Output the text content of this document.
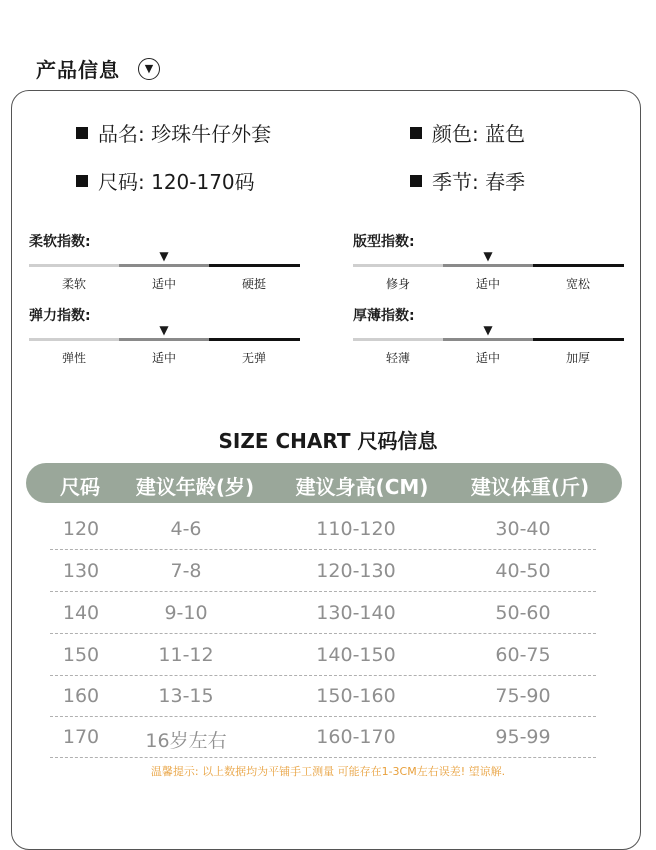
产品信息	▼
品名: 珍珠牛仔外套	颜色: 蓝色
尺码: 120-170码	季节: 春季
柔软指数:
▼
柔软	适中	硬挺
版型指数:
▼
修身	适中	宽松
弹力指数:
▼
弹性	适中	无弹
厚薄指数:
▼
轻薄	适中	加厚
SIZE CHART 尺码信息
尺码 建议年龄(岁) 建议身高(CM) 建议体重(斤)
120	4-6	110-120	30-40
130	7-8	120-130	40-50
140	9-10	130-140	50-60
150	11-12	140-150	60-75
160	13-15	150-160	75-90
170 16岁左右	160-170	95-99
温馨提示: 以上数据均为平铺手工测量 可能存在1-3CM左右误差! 望谅解.
